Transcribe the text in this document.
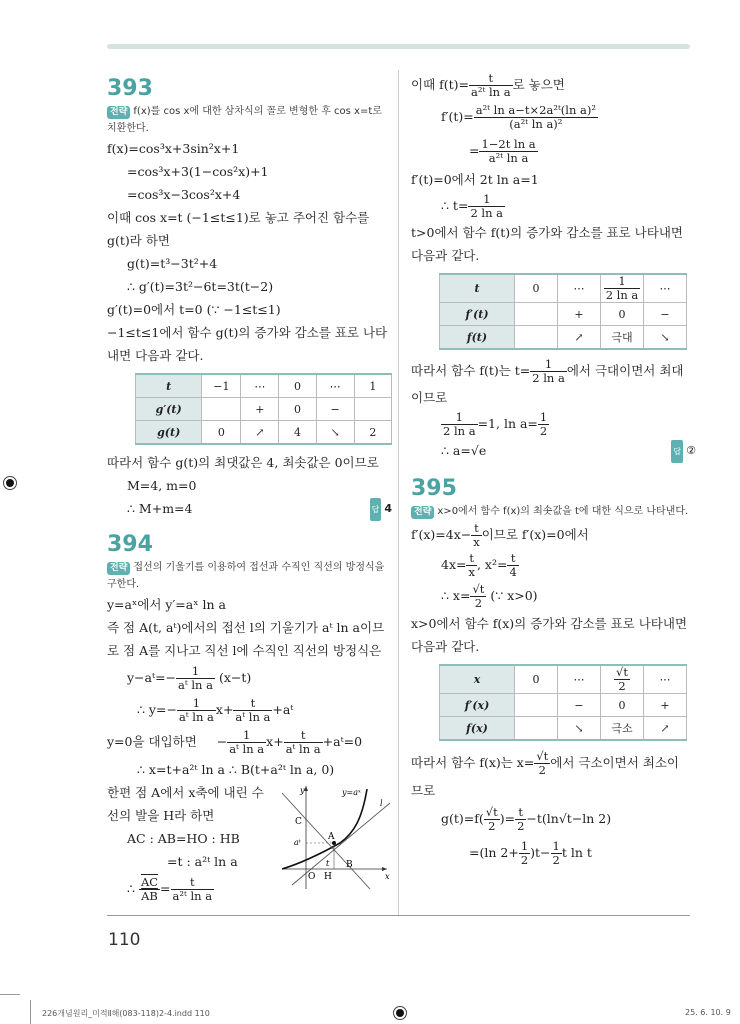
393
전략 f(x)를 cos x에 대한 삼차식의 꼴로 변형한 후 cos x=t로 치환한다.
f(x)=cos³x+3sin²x+1
=cos³x+3(1−cos²x)+1
=cos³x−3cos²x+4
이때 cos x=t (−1≤t≤1)로 놓고 주어진 함수를
g(t)라 하면
g(t)=t³−3t²+4
∴ g′(t)=3t²−6t=3t(t−2)
g′(t)=0에서 t=0 (∵ −1≤t≤1)
−1≤t≤1에서 함수 g(t)의 증가와 감소를 표로 나타
내면 다음과 같다.
t	−1	⋯	0	⋯	1
g′(t)		+	0	−	
g(t)	0	↗	4	↘	2
따라서 함수 g(t)의 최댓값은 4, 최솟값은 0이므로
M=4, m=0
∴ M+m=4	답 4
394
전략 접선의 기울기를 이용하여 접선과 수직인 직선의 방정식을 구한다.
y=aˣ에서 y′=aˣ ln a
즉 점 A(t, aᵗ)에서의 접선 l의 기울기가 aᵗ ln a이므
로 점 A를 지나고 직선 l에 수직인 직선의 방정식은
y−aᵗ=− $\frac{1}{\text{aᵗ ln a}} (x-t)$
∴ $y=- \frac{1}{\text{aᵗ ln a}} x+ \frac{t}{\text{aᵗ ln a}}$ +aᵗ
y=0을 대입하면 − $\frac{1}{\text{aᵗ ln a}} x+ \frac{t}{\text{aᵗ ln a}}$ +aᵗ=0
∴ x=t+a²ᵗ ln a ∴ B(t+a²ᵗ ln a, 0)
한편 점 A에서 x축에 내린 수
선의 발을 H라 하면
AC : AB=HO : HB
=t : a²ᵗ ln a
∴ $\frac{\overline{AC}}{AB} = \frac{t}{\text{a²ᵗ ln a}}$
y
x
y=aˣ
l
C
A
B
O H
t
aᵗ
이때 $f(t)= \frac{t}{\text{a²ᵗ ln a}}$ 로 놓으면
$f'(t)= \frac{\text{a²ᵗ ln a−t×2a²ᵗ(ln a)²}}{\text{(a²ᵗ ln a)²}}$
= $\frac{\text{1−2t ln a}}{\text{a²ᵗ ln a}}$
f′(t)=0에서 2t ln a=1
∴ $t= \frac{1}{\text{2 ln a}}$
t>0에서 함수 f(t)의 증가와 감소를 표로 나타내면
다음과 같다.
t	0	⋯	$\frac{1}{\text{2 ln a}}$	⋯
f′(t)		+	0	−
f(t)		↗	극대	↘
따라서 함수 f(t)는 $t= \frac{1}{\text{2 ln a}}$ 에서 극대이면서 최대
이므로
$\frac{1}{\text{2 ln a}} =1$, $\ln a= \frac{1}{2}$
∴ a=√e	답 ②
395
전략 x>0에서 함수 f(x)의 최솟값을 t에 대한 식으로 나타낸다.
$f'(x)=4x- \frac{t}{x}$ 이므로 f′(x)=0에서
$4x= \frac{t}{x}$ , $x^2= \frac{t}{4}$
∴ $x= \frac{√t}{2}$ (∵ x>0)
x>0에서 함수 f(x)의 증가와 감소를 표로 나타내면
다음과 같다.
x	0	⋯	$\frac{√t}{2}$	⋯
f′(x)		−	0	+
f(x)		↘	극소	↗
따라서 함수 f(x)는 $x= \frac{√t}{2}$ 에서 극소이면서 최소이
므로
$g(t)=f( \frac{√t}{2}$ )= $\frac{t}{2} -t(\ln√t-\ln$ 2)
=(ln $2+ \frac{1}{2} )t- \frac{1}{2}$ t ln t
110
226개념원리_미적Ⅱ해(083-118)2-4.indd 110	25. 6. 10. 9
